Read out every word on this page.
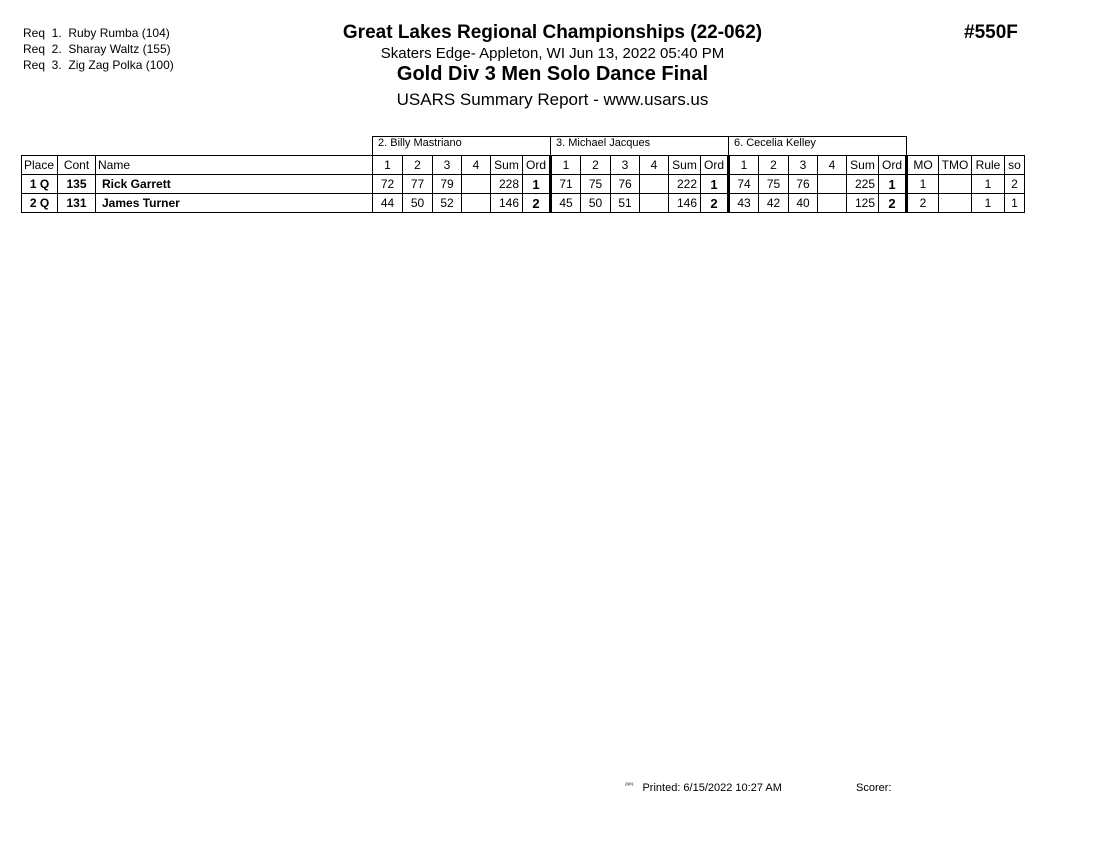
Req  1.  Ruby Rumba (104)
Req  2.  Sharay Waltz (155)
Req  3.  Zig Zag Polka (100)
Great Lakes Regional Championships (22-062)
Skaters Edge- Appleton, WI Jun 13, 2022 05:40 PM
Gold Div 3 Men Solo Dance Final
USARS Summary Report - www.usars.us
#550F
			2. Billy Mastriano						3. Michael Jacques						6. Cecelia Kelley									
Place	Cont	Name	1	2	3	4	Sum	Ord	1	2	3	4	Sum	Ord	1	2	3	4	Sum	Ord	MO	TMO	Rule	so
1 Q	135	Rick Garrett	72	77	79		228	1	71	75	76		222	1	74	75	76		225	1	1		1	2
2 Q	131	James Turner	44	50	52		146	2	45	50	51		146	2	43	42	40		125	2	2		1	1
$^{^{2303}}$ Printed: 6/15/2022 10:27 AM	Scorer:
